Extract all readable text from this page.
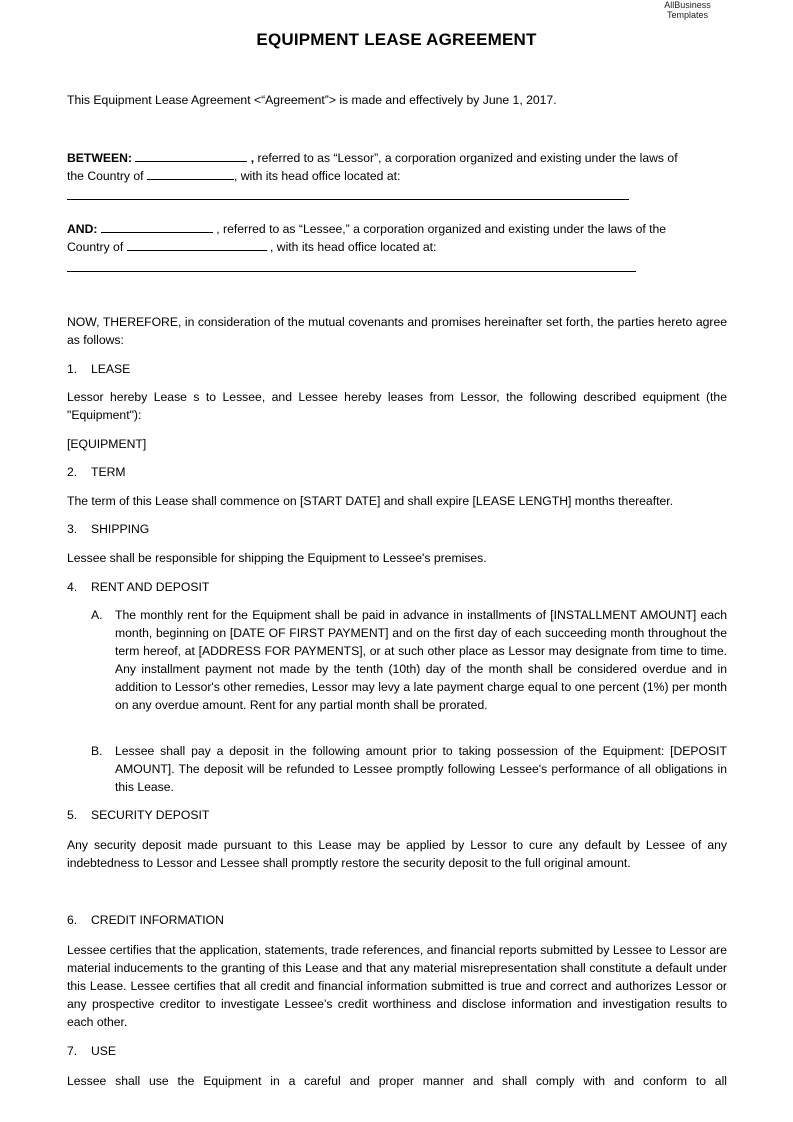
AllBusiness
Templates
EQUIPMENT LEASE AGREEMENT
This Equipment Lease Agreement <“Agreement”> is made and effectively by June 1, 2017.
BETWEEN:	, referred to as “Lessor”, a corporation organized and existing under the laws of
the Country of	, with its head office located at:
AND:	, referred to as “Lessee,” a corporation organized and existing under the laws of the
Country of	, with its head office located at:
NOW, THEREFORE, in consideration of the mutual covenants and promises hereinafter set forth, the parties hereto agree as follows:
1. LEASE
Lessor hereby Lease s to Lessee, and Lessee hereby leases from Lessor, the following described equipment (the "Equipment"):
[EQUIPMENT]
2. TERM
The term of this Lease shall commence on [START DATE] and shall expire [LEASE LENGTH] months thereafter.
3. SHIPPING
Lessee shall be responsible for shipping the Equipment to Lessee's premises.
4. RENT AND DEPOSIT
A. The monthly rent for the Equipment shall be paid in advance in installments of [INSTALLMENT AMOUNT] each month, beginning on [DATE OF FIRST PAYMENT] and on the first day of each succeeding month throughout the term hereof, at [ADDRESS FOR PAYMENTS], or at such other place as Lessor may designate from time to time. Any installment payment not made by the tenth (10th) day of the month shall be considered overdue and in addition to Lessor's other remedies, Lessor may levy a late payment charge equal to one percent (1%) per month on any overdue amount. Rent for any partial month shall be prorated.
B. Lessee shall pay a deposit in the following amount prior to taking possession of the Equipment: [DEPOSIT AMOUNT]. The deposit will be refunded to Lessee promptly following Lessee's performance of all obligations in this Lease.
5. SECURITY DEPOSIT
Any security deposit made pursuant to this Lease may be applied by Lessor to cure any default by Lessee of any indebtedness to Lessor and Lessee shall promptly restore the security deposit to the full original amount.
6. CREDIT INFORMATION
Lessee certifies that the application, statements, trade references, and financial reports submitted by Lessee to Lessor are material inducements to the granting of this Lease and that any material misrepresentation shall constitute a default under this Lease. Lessee certifies that all credit and financial information submitted is true and correct and authorizes Lessor or any prospective creditor to investigate Lessee’s credit worthiness and disclose information and investigation results to each other.
7. USE
Lessee shall use the Equipment in a careful and proper manner and shall comply with and conform to all
